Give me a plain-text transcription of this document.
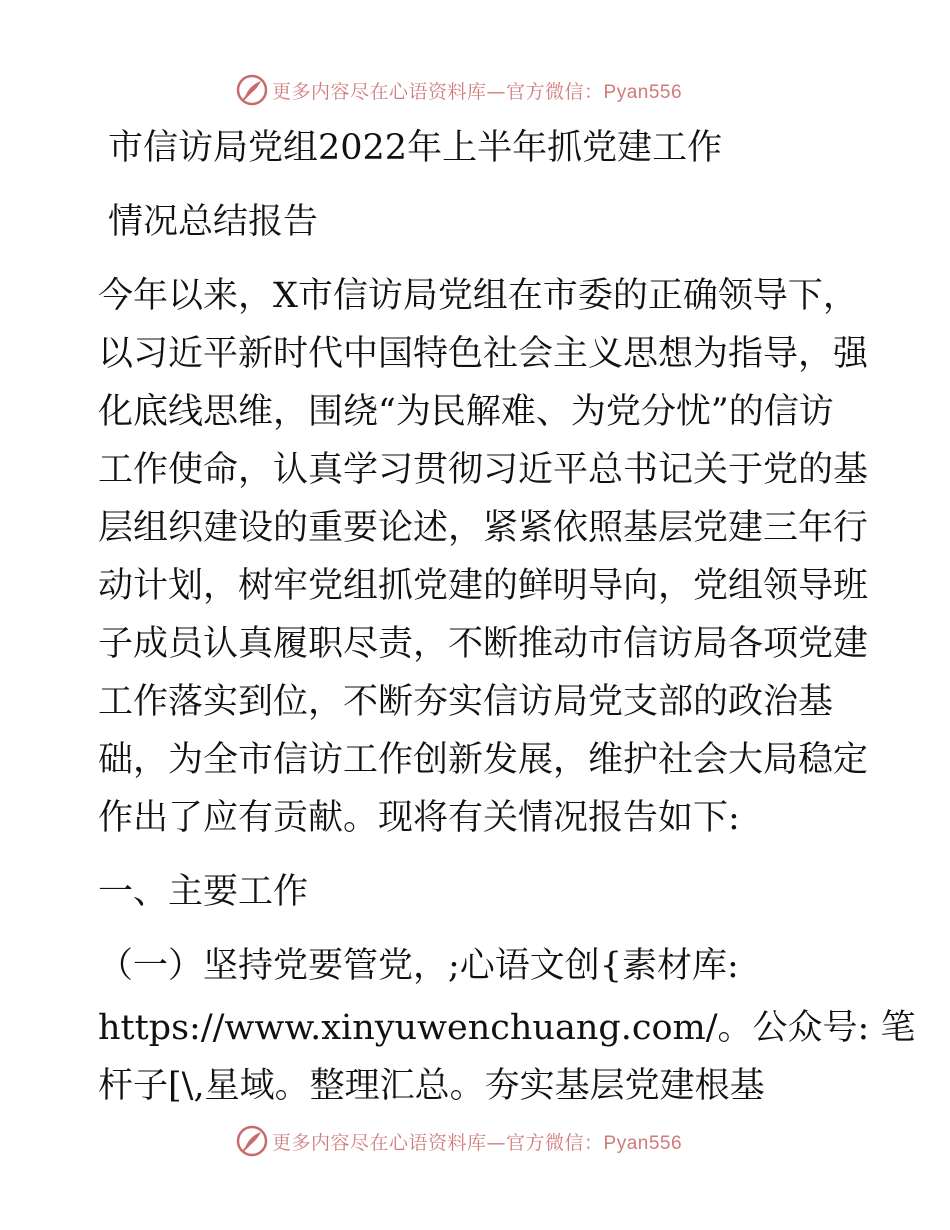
更多内容尽在心语资料库—官方微信：Pyan556
市信访局党组2022年上半年抓党建工作
情况总结报告
今年以来，X市信访局党组在市委的正确领导下，
以习近平新时代中国特色社会主义思想为指导，强
化底线思维，围绕“为民解难、为党分忧”的信访
工作使命，认真学习贯彻习近平总书记关于党的基
层组织建设的重要论述，紧紧依照基层党建三年行
动计划，树牢党组抓党建的鲜明导向，党组领导班
子成员认真履职尽责，不断推动市信访局各项党建
工作落实到位，不断夯实信访局党支部的政治基
础，为全市信访工作创新发展，维护社会大局稳定
作出了应有贡献。现将有关情况报告如下:
一、主要工作
（一）坚持党要管党，;心语文创{素材库:
https://www.xinyuwenchuang.com/。公众号: 笔
杆子[\,星域。整理汇总。夯实基层党建根基
更多内容尽在心语资料库—官方微信：Pyan556
